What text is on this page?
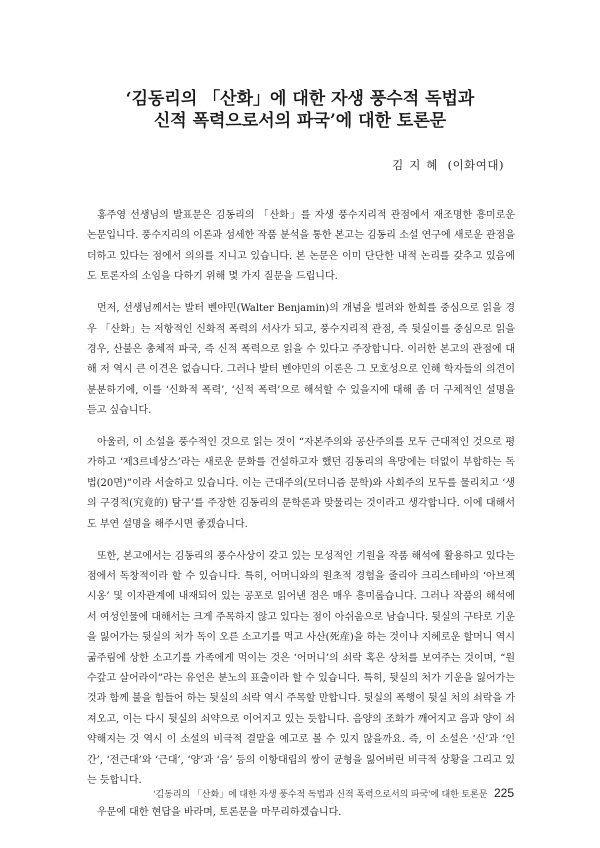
‘김동리의 「산화」에 대한 자생 풍수적 독법과
신적 폭력으로서의 파국’에 대한 토론문
김지혜 (이화여대)

홍주영 선생님의 발표문은 김동리의 「산화」를 자생 풍수지리적 관점에서 재조명한 흥미로운 논문입니다. 풍수지리의 이론과 섬세한 작품 분석을 통한 본고는 김동리 소설 연구에 새로운 관점을 더하고 있다는 점에서 의의를 지니고 있습니다. 본 논문은 이미 단단한 내적 논리를 갖추고 있음에도 토론자의 소임을 다하기 위해 몇 가지 질문을 드립니다.

먼저, 선생님께서는 발터 벤야민(Walter Benjamin)의 개념을 빌려와 한희를 중심으로 읽을 경우 「산화」는 저항적인 신화적 폭력의 서사가 되고, 풍수지리적 관점, 즉 뒷실이를 중심으로 읽을 경우, 산불은 총체적 파국, 즉 신적 폭력으로 읽을 수 있다고 주장합니다. 이러한 본고의 관점에 대해 저 역시 큰 이견은 없습니다. 그러나 발터 벤야민의 이론은 그 모호성으로 인해 학자들의 의견이 분분하기에, 이를 ‘신화적 폭력’, ‘신적 폭력’으로 해석할 수 있을지에 대해 좀 더 구체적인 설명을 듣고 싶습니다.

아울러, 이 소설을 풍수적인 것으로 읽는 것이 “자본주의와 공산주의를 모두 근대적인 것으로 평가하고 ‘제3르네상스’라는 새로운 문화를 건설하고자 했던 김동리의 욕망에는 더없이 부합하는 독법(20면)”이라 서술하고 있습니다. 이는 근대주의(모더니즘 문학)와 사회주의 모두를 물리치고 ‘생의 구경적(究竟的) 탐구’를 주장한 김동리의 문학론과 맞물리는 것이라고 생각합니다. 이에 대해서도 부연 설명을 해주시면 좋겠습니다.

또한, 본고에서는 김동리의 풍수사상이 갖고 있는 모성적인 기원을 작품 해석에 활용하고 있다는 점에서 독창적이라 할 수 있습니다. 특히, 어머니와의 원초적 경험을 줄리아 크리스테바의 ‘아브젝시옹’ 및 이자관계에 내재되어 있는 공포로 읽어낸 점은 매우 흥미롭습니다. 그러나 작품의 해석에서 여성인물에 대해서는 크게 주목하지 않고 있다는 점이 아쉬움으로 남습니다. 뒷실의 구타로 기운을 잃어가는 뒷실의 처가 독이 오른 소고기를 먹고 사산(死産)을 하는 것이나 지혜로운 할머니 역시 굶주림에 상한 소고기를 가족에게 먹이는 것은 ‘어머니’의 쇠락 혹은 상처를 보여주는 것이며, “원수갚고 살어라이”라는 유언은 분노의 표출이라 할 수 있습니다. 특히, 뒷실의 처가 기운을 잃어가는 것과 함께 불을 힘들어 하는 뒷실의 쇠락 역시 주목할 만합니다. 뒷실의 폭행이 뒷실 처의 쇠락을 가져오고, 이는 다시 뒷실의 쇠약으로 이어지고 있는 듯합니다. 음양의 조화가 깨어지고 음과 양이 쇠약해지는 것 역시 이 소설의 비극적 결말을 예고로 볼 수 있지 않을까요. 즉, 이 소설은 ‘신’과 ‘인간’, ‘전근대’와 ‘근대’, ‘양’과 ‘음’ 등의 이항대립의 쌍이 균형을 잃어버린 비극적 상황을 그리고 있는 듯합니다.

우문에 대한 현답을 바라며, 토론문을 마무리하겠습니다.

‘김동리의 「산화」에 대한 자생 풍수적 독법과 신적 폭력으로서의 파국’에 대한 토론문 225
